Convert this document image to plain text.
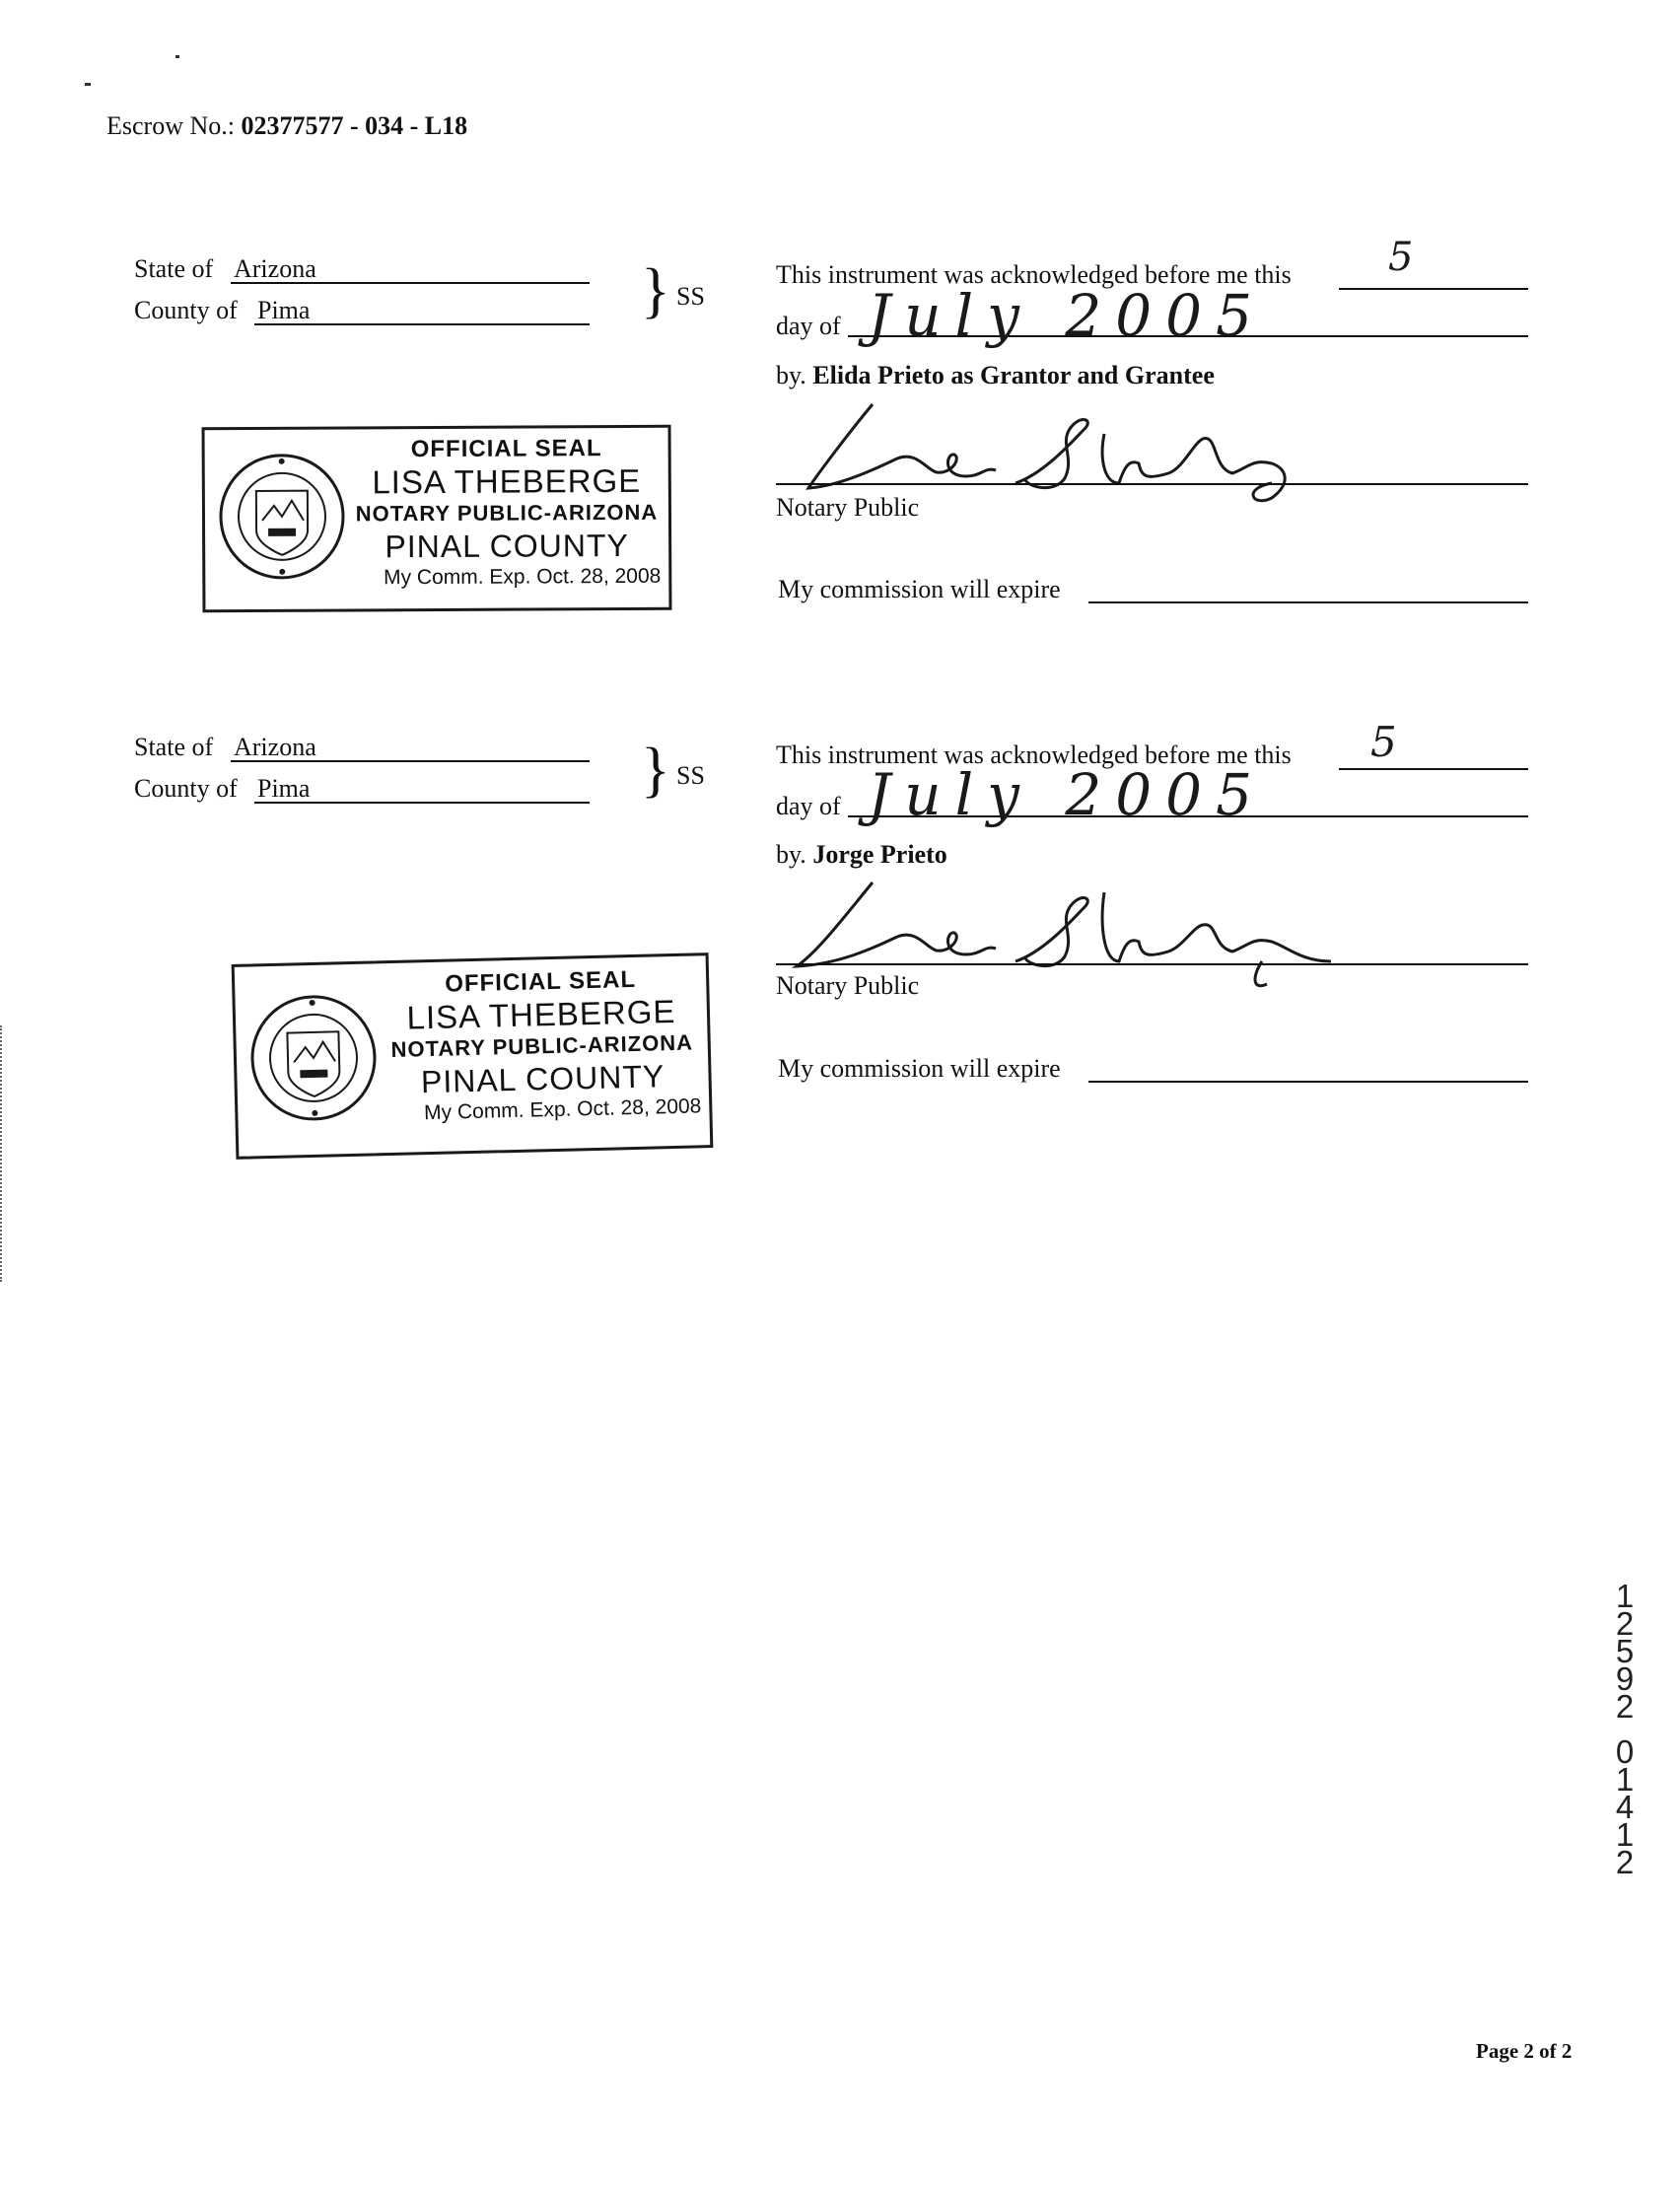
Escrow No.: 02377577 - 034 - L18
State of Arizona
County of Pima	} SS
This instrument was acknowledged before me this 5
day of July 2005
by. Elida Prieto as Grantor and Grantee
Notary Public
My commission will expire
OFFICIAL SEAL
LISA THEBERGE
NOTARY PUBLIC-ARIZONA
PINAL COUNTY
My Comm. Exp. Oct. 28, 2008
State of Arizona
County of Pima	} SS
This instrument was acknowledged before me this 5
day of July 2005
by. Jorge Prieto
Notary Public
My commission will expire
OFFICIAL SEAL
LISA THEBERGE
NOTARY PUBLIC-ARIZONA
PINAL COUNTY
My Comm. Exp. Oct. 28, 2008
1
2
5
9
2
0
1
4
1
2
Page 2 of 2
